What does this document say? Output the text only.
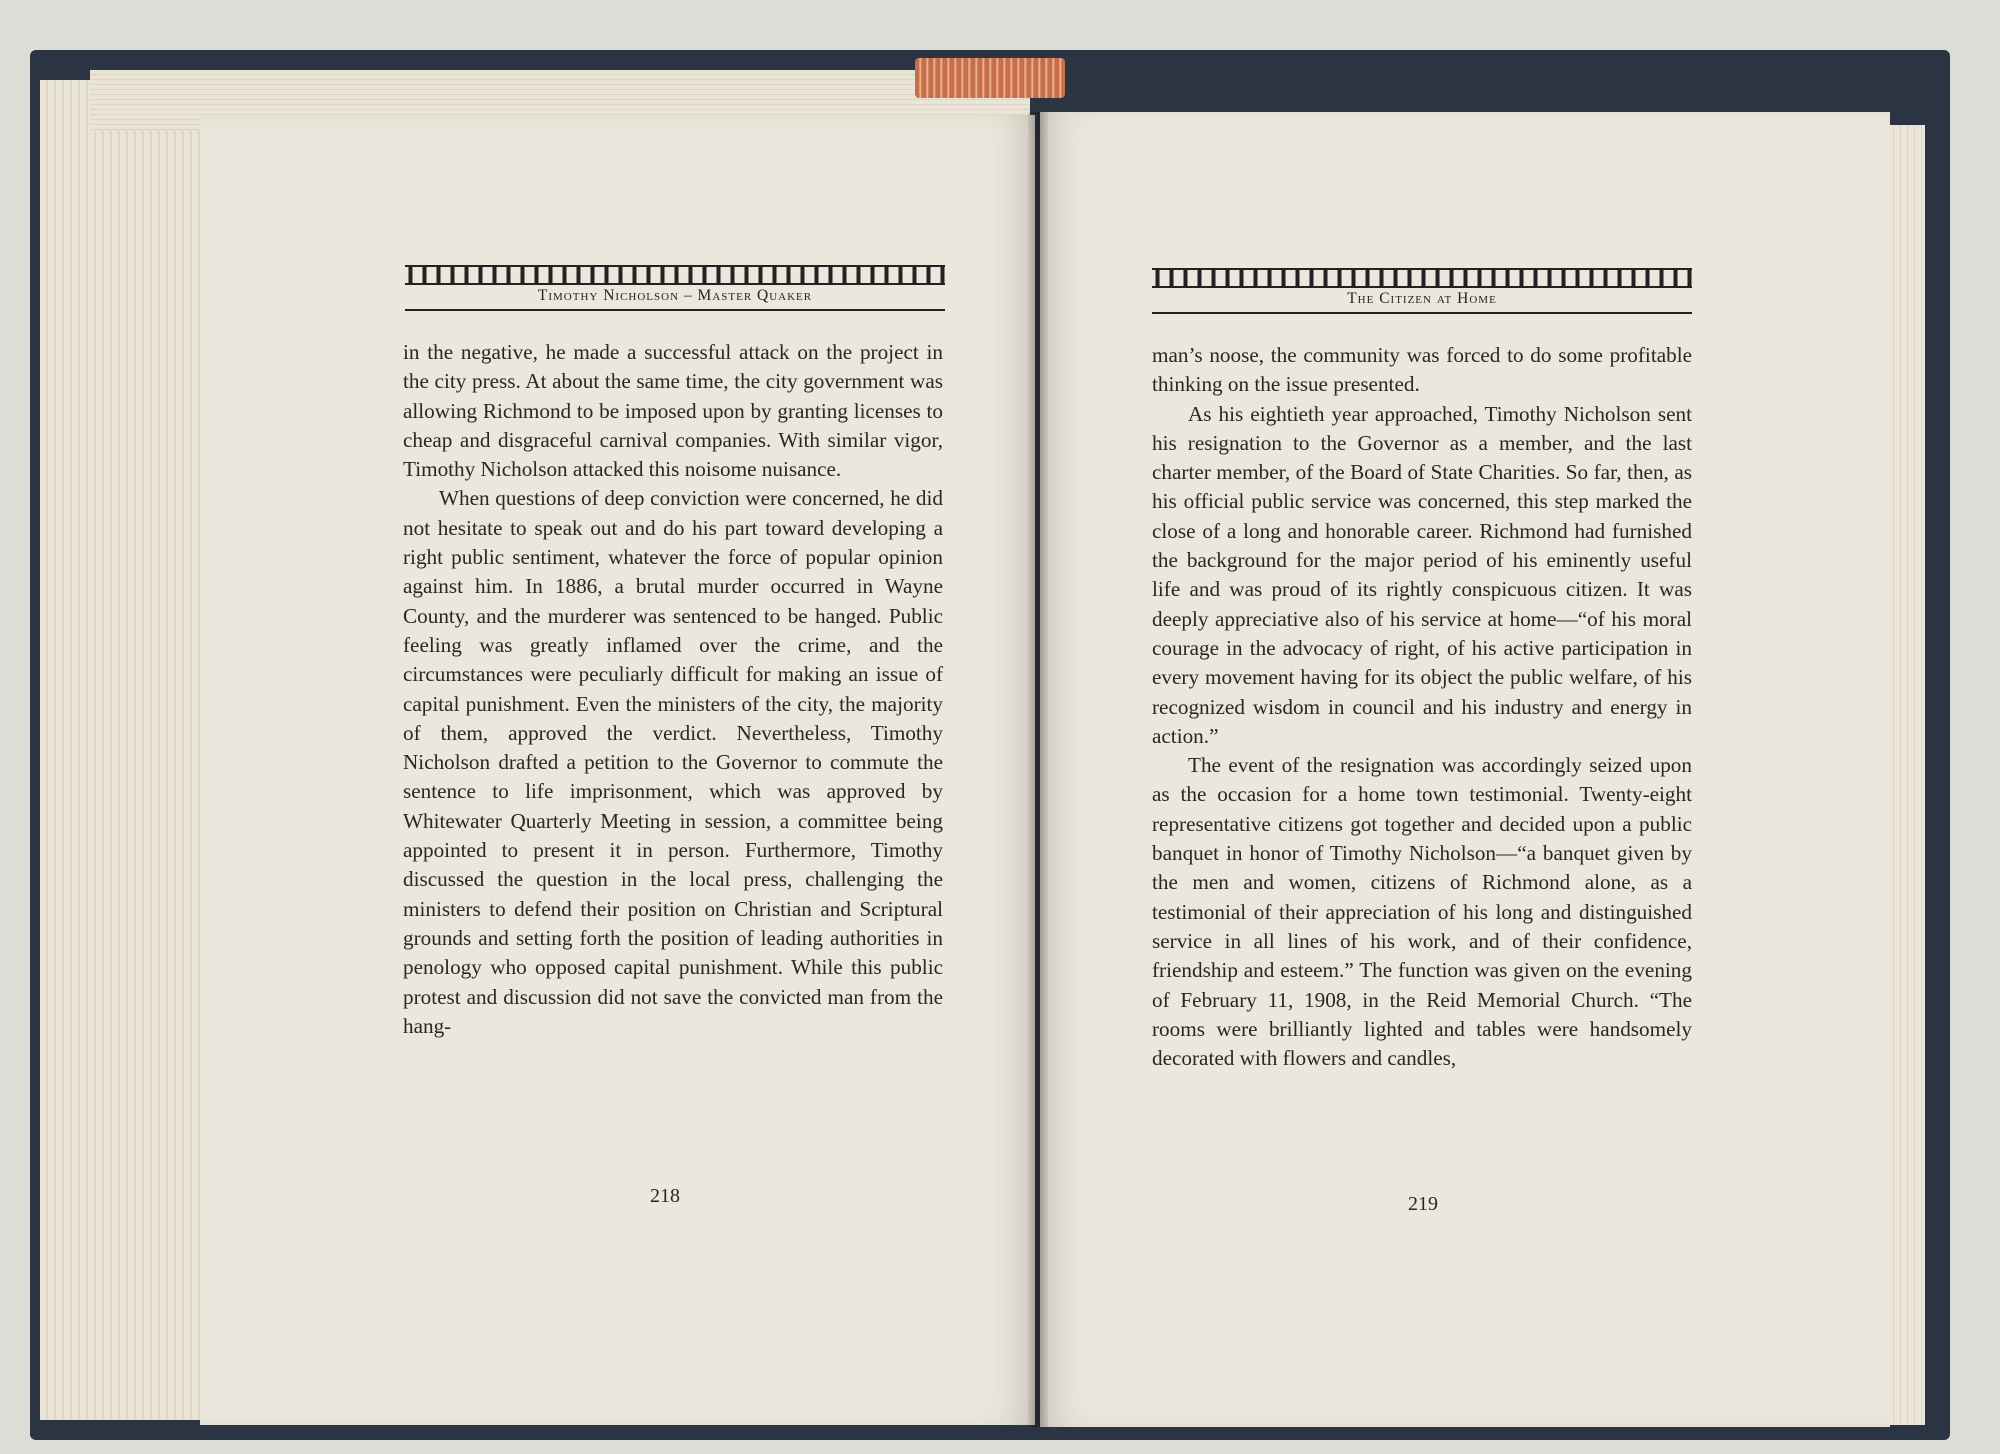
Timothy Nicholson – Master Quaker	The Citizen at Home

in the negative, he made a successful attack on the project in the city press. At about the same time, the city government was allowing Richmond to be imposed upon by granting licenses to cheap and disgraceful carnival companies. With similar vigor, Timothy Nicholson attacked this noisome nuisance.

When questions of deep conviction were concerned, he did not hesitate to speak out and do his part toward developing a right public sentiment, whatever the force of popular opinion against him. In 1886, a brutal murder occurred in Wayne County, and the murderer was sentenced to be hanged. Public feeling was greatly inflamed over the crime, and the circumstances were peculiarly difficult for making an issue of capital punishment. Even the ministers of the city, the majority of them, approved the verdict. Nevertheless, Timothy Nicholson drafted a petition to the Governor to commute the sentence to life imprisonment, which was approved by Whitewater Quarterly Meeting in session, a committee being appointed to present it in person. Furthermore, Timothy discussed the question in the local press, challenging the ministers to defend their position on Christian and Scriptural grounds and setting forth the position of leading authorities in penology who opposed capital punishment. While this public protest and discussion did not save the convicted man from the hang-

man’s noose, the community was forced to do some profitable thinking on the issue presented.

As his eightieth year approached, Timothy Nicholson sent his resignation to the Governor as a member, and the last charter member, of the Board of State Charities. So far, then, as his official public service was concerned, this step marked the close of a long and honorable career. Richmond had furnished the background for the major period of his eminently useful life and was proud of its rightly conspicuous citizen. It was deeply appreciative also of his service at home—“of his moral courage in the advocacy of right, of his active participation in every movement having for its object the public welfare, of his recognized wisdom in council and his industry and energy in action.”

The event of the resignation was accordingly seized upon as the occasion for a home town testimonial. Twenty-eight representative citizens got together and decided upon a public banquet in honor of Timothy Nicholson—“a banquet given by the men and women, citizens of Richmond alone, as a testimonial of their appreciation of his long and distinguished service in all lines of his work, and of their confidence, friendship and esteem.” The function was given on the evening of February 11, 1908, in the Reid Memorial Church. “The rooms were brilliantly lighted and tables were handsomely decorated with flowers and candles,

218	219
